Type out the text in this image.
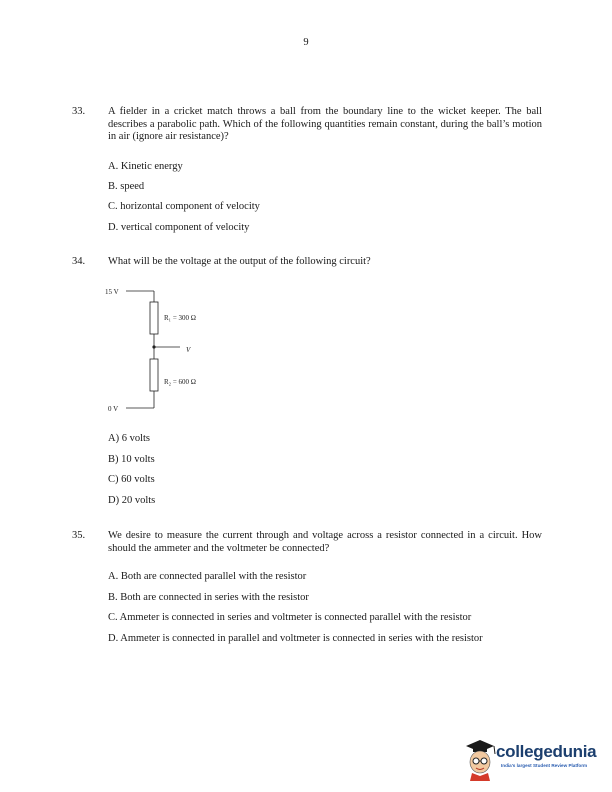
9
33. A fielder in a cricket match throws a ball from the boundary line to the wicket keeper. The ball describes a parabolic path. Which of the following quantities remain constant, during the ball’s motion in air (ignore air resistance)?
A. Kinetic energy
B. speed
C. horizontal component of velocity
D. vertical component of velocity
34. What will be the voltage at the output of the following circuit?
15 V
R₁ = 300 Ω
V
R₂ = 600 Ω
0 V
A) 6 volts
B) 10 volts
C) 60 volts
D) 20 volts
35. We desire to measure the current through and voltage across a resistor connected in a circuit. How should the ammeter and the voltmeter be connected?
A. Both are connected parallel with the resistor
B. Both are connected in series with the resistor
C. Ammeter is connected in series and voltmeter is connected parallel with the resistor
D. Ammeter is connected in parallel and voltmeter is connected in series with the resistor
collegedunia
India's largest Student Review Platform
